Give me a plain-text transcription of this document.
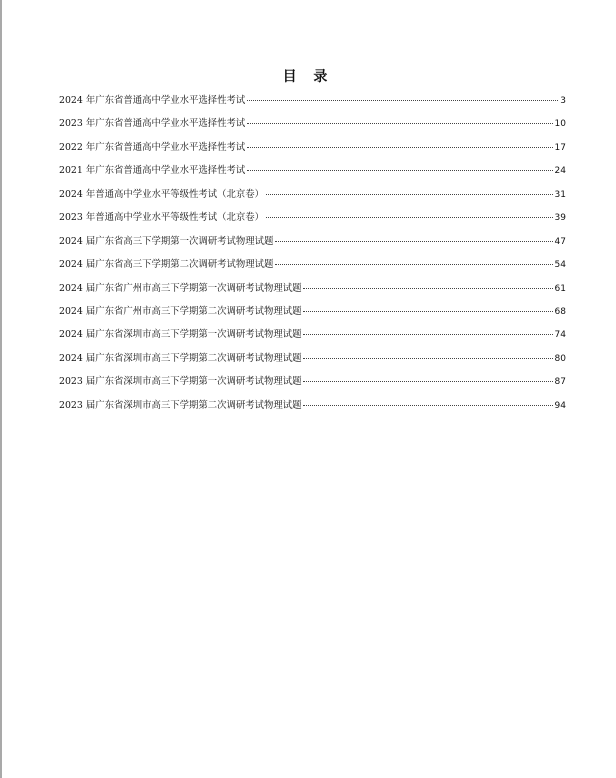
目 录
2024 年广东省普通高中学业水平选择性考试	3
2023 年广东省普通高中学业水平选择性考试	10
2022 年广东省普通高中学业水平选择性考试	17
2021 年广东省普通高中学业水平选择性考试	24
2024 年普通高中学业水平等级性考试（北京卷）	31
2023 年普通高中学业水平等级性考试（北京卷）	39
2024 届广东省高三下学期第一次调研考试物理试题	47
2024 届广东省高三下学期第二次调研考试物理试题	54
2024 届广东省广州市高三下学期第一次调研考试物理试题	61
2024 届广东省广州市高三下学期第二次调研考试物理试题	68
2024 届广东省深圳市高三下学期第一次调研考试物理试题	74
2024 届广东省深圳市高三下学期第二次调研考试物理试题	80
2023 届广东省深圳市高三下学期第一次调研考试物理试题	87
2023 届广东省深圳市高三下学期第二次调研考试物理试题	94
